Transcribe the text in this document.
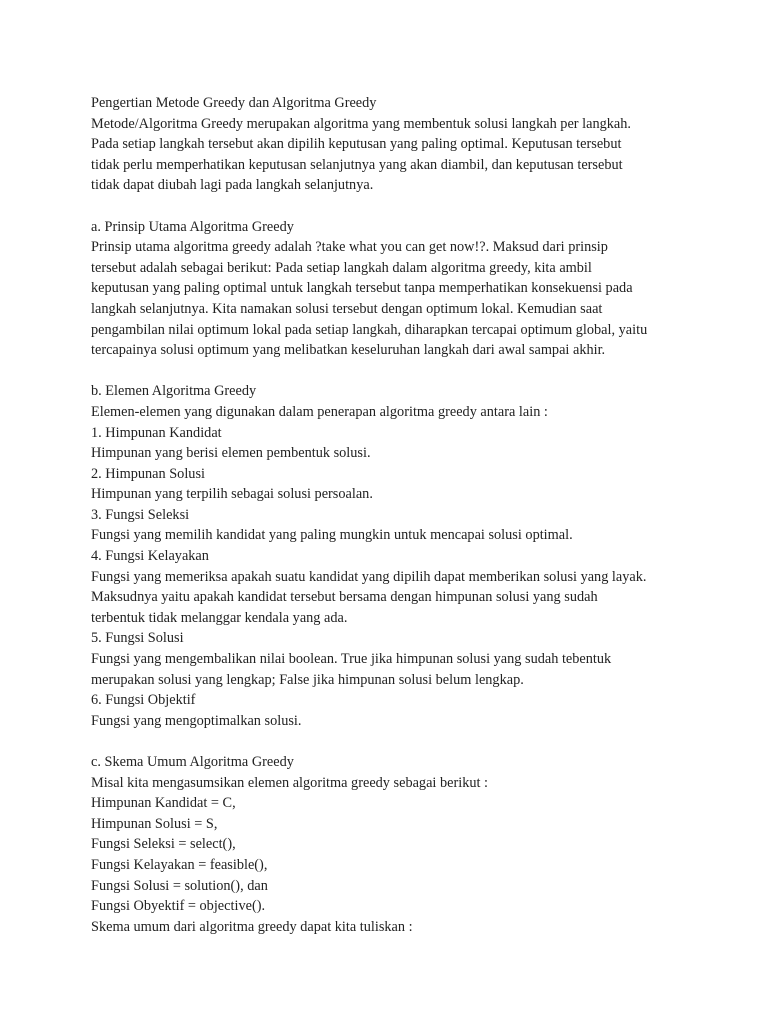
Pengertian Metode Greedy dan Algoritma Greedy

Metode/Algoritma Greedy merupakan algoritma yang membentuk solusi langkah per langkah.

Pada setiap langkah tersebut akan dipilih keputusan yang paling optimal. Keputusan tersebut

tidak perlu memperhatikan keputusan selanjutnya yang akan diambil, dan keputusan tersebut

tidak dapat diubah lagi pada langkah selanjutnya.

a. Prinsip Utama Algoritma Greedy

Prinsip utama algoritma greedy adalah ?take what you can get now!?. Maksud dari prinsip

tersebut adalah sebagai berikut: Pada setiap langkah dalam algoritma greedy, kita ambil

keputusan yang paling optimal untuk langkah tersebut tanpa memperhatikan konsekuensi pada

langkah selanjutnya. Kita namakan solusi tersebut dengan optimum lokal. Kemudian saat

pengambilan nilai optimum lokal pada setiap langkah, diharapkan tercapai optimum global, yaitu

tercapainya solusi optimum yang melibatkan keseluruhan langkah dari awal sampai akhir.

b. Elemen Algoritma Greedy

Elemen-elemen yang digunakan dalam penerapan algoritma greedy antara lain :

1. Himpunan Kandidat

Himpunan yang berisi elemen pembentuk solusi.

2. Himpunan Solusi

Himpunan yang terpilih sebagai solusi persoalan.

3. Fungsi Seleksi

Fungsi yang memilih kandidat yang paling mungkin untuk mencapai solusi optimal.

4. Fungsi Kelayakan

Fungsi yang memeriksa apakah suatu kandidat yang dipilih dapat memberikan solusi yang layak.

Maksudnya yaitu apakah kandidat tersebut bersama dengan himpunan solusi yang sudah

terbentuk tidak melanggar kendala yang ada.

5. Fungsi Solusi

Fungsi yang mengembalikan nilai boolean. True jika himpunan solusi yang sudah tebentuk

merupakan solusi yang lengkap; False jika himpunan solusi belum lengkap.

6. Fungsi Objektif

Fungsi yang mengoptimalkan solusi.

c. Skema Umum Algoritma Greedy

Misal kita mengasumsikan elemen algoritma greedy sebagai berikut :

Himpunan Kandidat = C,

Himpunan Solusi = S,

Fungsi Seleksi = select(),

Fungsi Kelayakan = feasible(),

Fungsi Solusi = solution(), dan

Fungsi Obyektif = objective().

Skema umum dari algoritma greedy dapat kita tuliskan :
